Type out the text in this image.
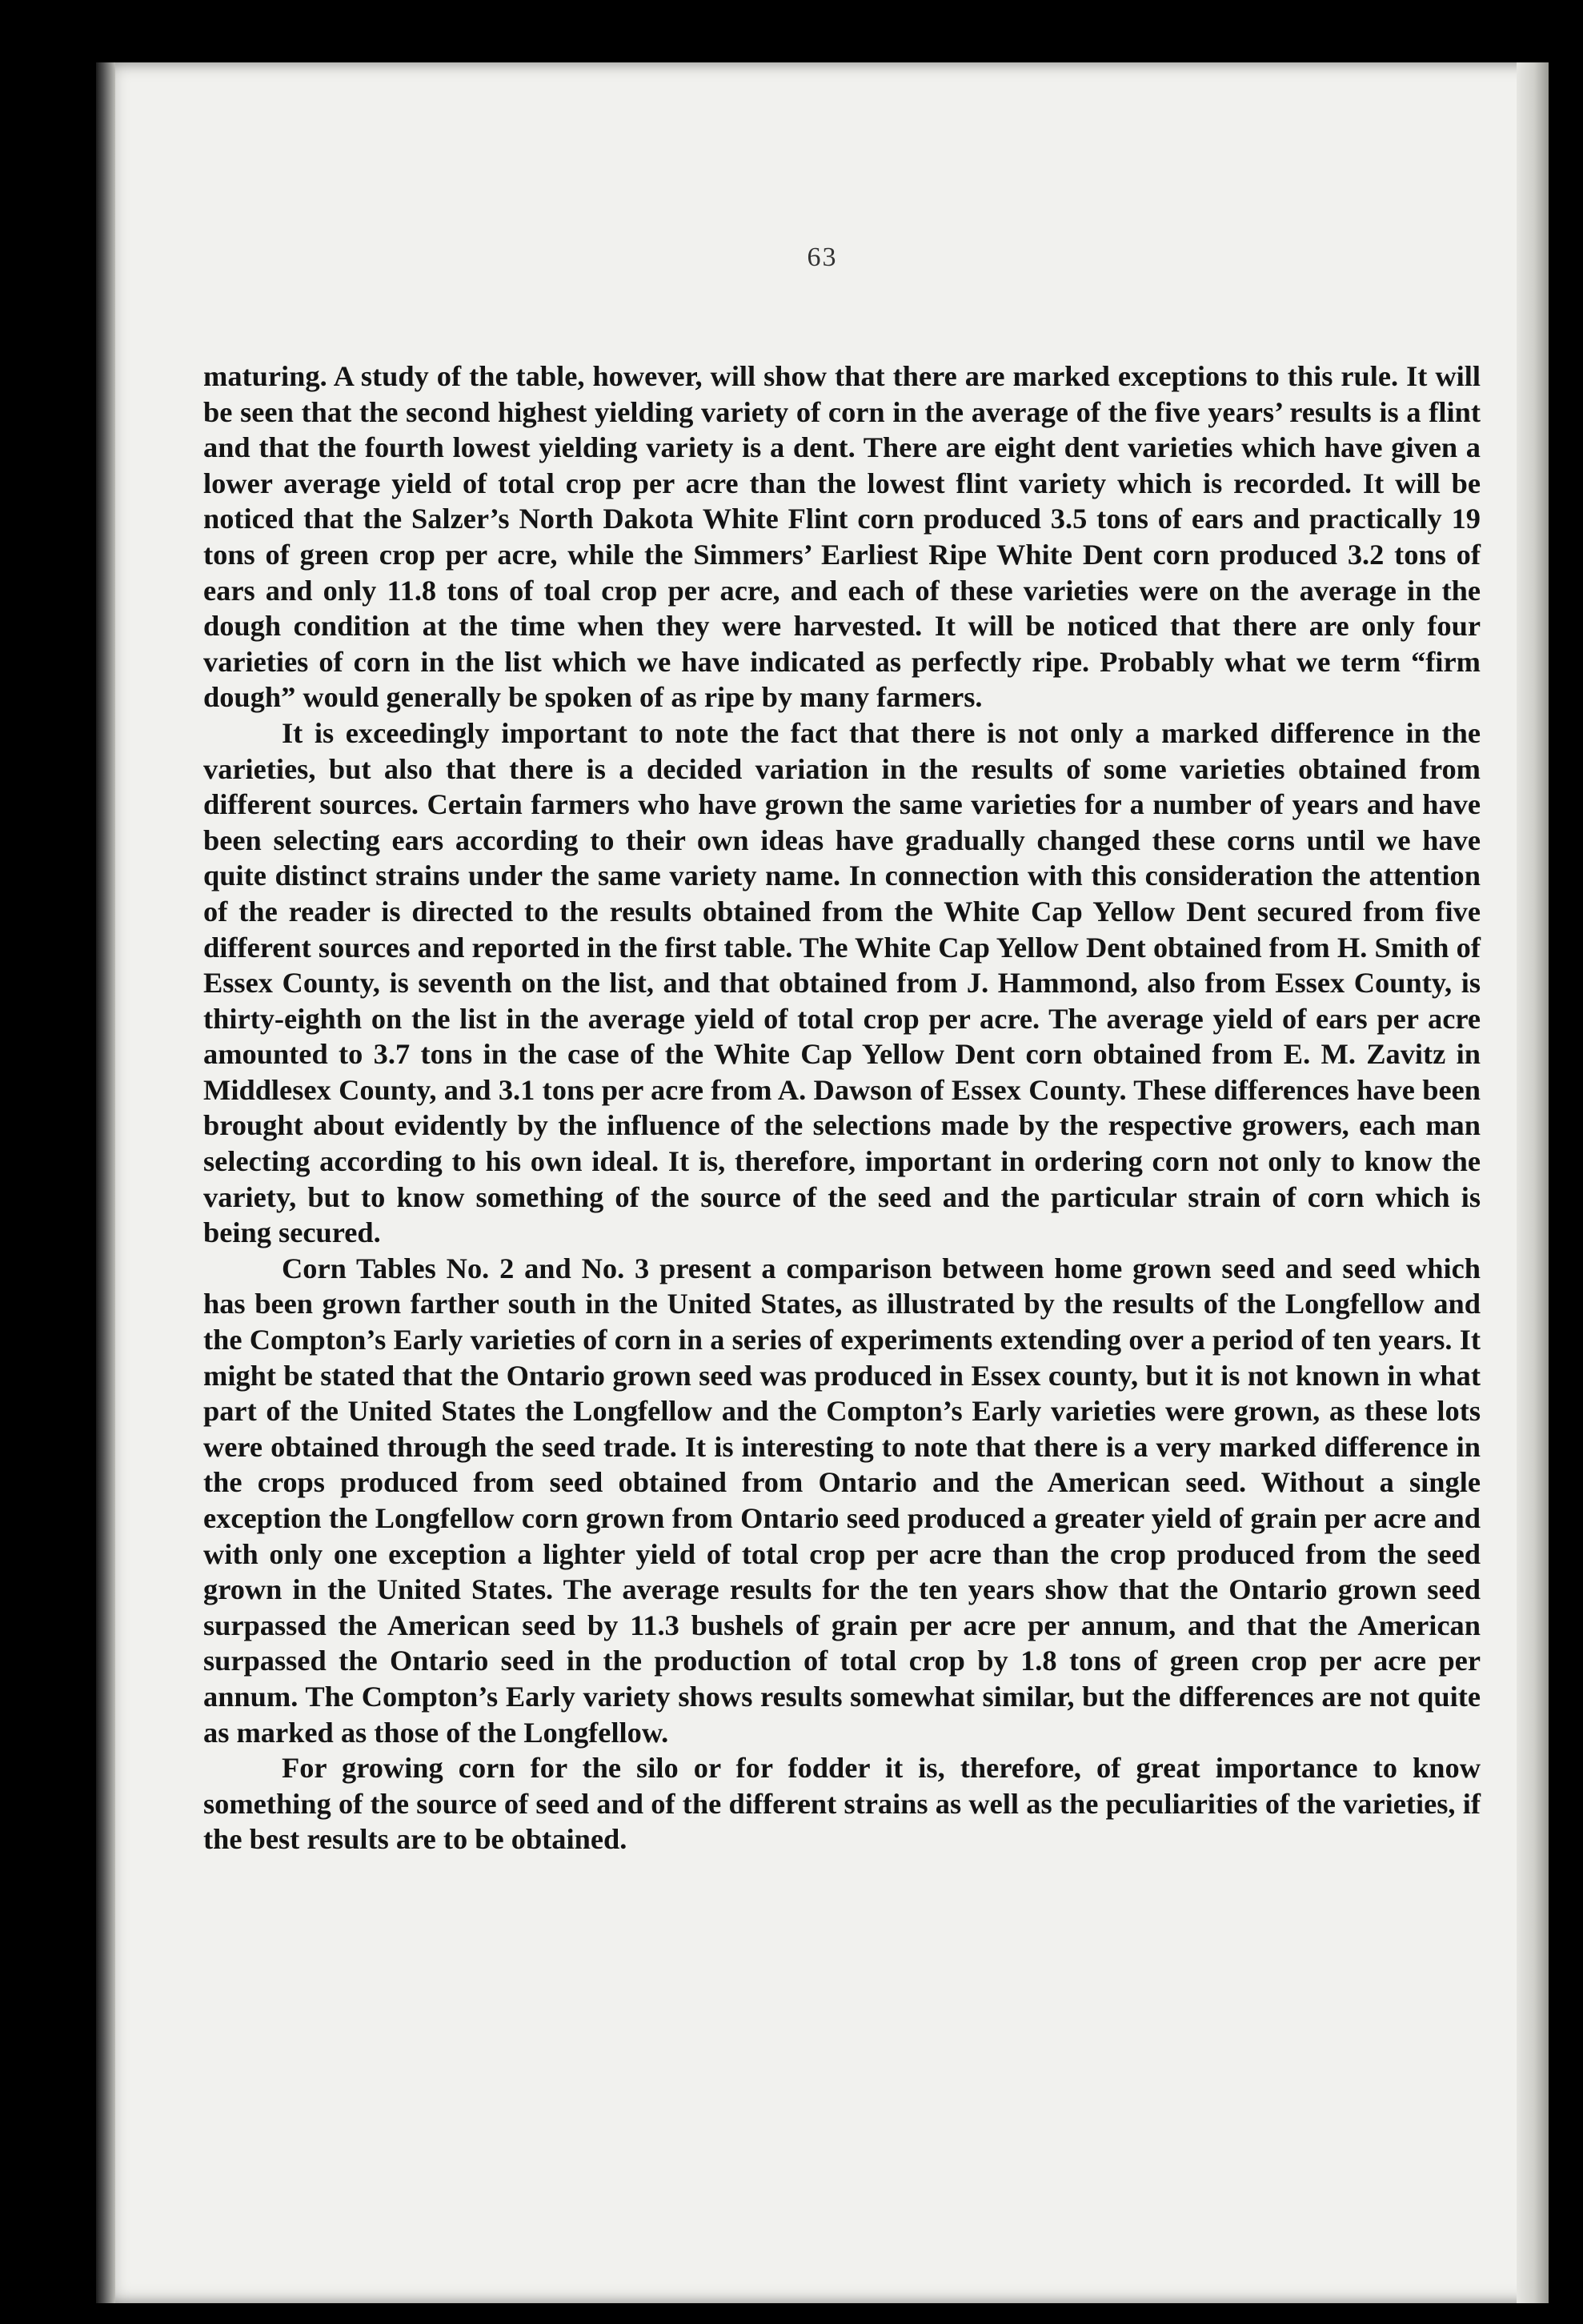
63

maturing. A study of the table, however, will show that there are marked exceptions to this rule. It will be seen that the second highest yielding variety of corn in the average of the five years’ results is a flint and that the fourth lowest yielding variety is a dent. There are eight dent varieties which have given a lower average yield of total crop per acre than the lowest flint variety which is recorded. It will be noticed that the Salzer’s North Dakota White Flint corn produced 3.5 tons of ears and practically 19 tons of green crop per acre, while the Simmers’ Earliest Ripe White Dent corn produced 3.2 tons of ears and only 11.8 tons of toal crop per acre, and each of these varieties were on the average in the dough condition at the time when they were harvested. It will be noticed that there are only four varieties of corn in the list which we have indicated as perfectly ripe. Probably what we term “firm dough” would generally be spoken of as ripe by many farmers.

It is exceedingly important to note the fact that there is not only a marked difference in the varieties, but also that there is a decided variation in the results of some varieties obtained from different sources. Certain farmers who have grown the same varieties for a number of years and have been selecting ears according to their own ideas have gradually changed these corns until we have quite distinct strains under the same variety name. In connection with this consideration the attention of the reader is directed to the results obtained from the White Cap Yellow Dent secured from five different sources and reported in the first table. The White Cap Yellow Dent obtained from H. Smith of Essex County, is seventh on the list, and that obtained from J. Hammond, also from Essex County, is thirty-eighth on the list in the average yield of total crop per acre. The average yield of ears per acre amounted to 3.7 tons in the case of the White Cap Yellow Dent corn obtained from E. M. Zavitz in Middlesex County, and 3.1 tons per acre from A. Dawson of Essex County. These differences have been brought about evidently by the influence of the selections made by the respective growers, each man selecting according to his own ideal. It is, therefore, important in ordering corn not only to know the variety, but to know something of the source of the seed and the particular strain of corn which is being secured.

Corn Tables No. 2 and No. 3 present a comparison between home grown seed and seed which has been grown farther south in the United States, as illustrated by the results of the Longfellow and the Compton’s Early varieties of corn in a series of experiments extending over a period of ten years. It might be stated that the Ontario grown seed was produced in Essex county, but it is not known in what part of the United States the Longfellow and the Compton’s Early varieties were grown, as these lots were obtained through the seed trade. It is interesting to note that there is a very marked difference in the crops produced from seed obtained from Ontario and the American seed. Without a single exception the Longfellow corn grown from Ontario seed produced a greater yield of grain per acre and with only one exception a lighter yield of total crop per acre than the crop produced from the seed grown in the United States. The average results for the ten years show that the Ontario grown seed surpassed the American seed by 11.3 bushels of grain per acre per annum, and that the American surpassed the Ontario seed in the production of total crop by 1.8 tons of green crop per acre per annum. The Compton’s Early variety shows results somewhat similar, but the differences are not quite as marked as those of the Longfellow.

For growing corn for the silo or for fodder it is, therefore, of great importance to know something of the source of seed and of the different strains as well as the peculiarities of the varieties, if the best results are to be obtained.
